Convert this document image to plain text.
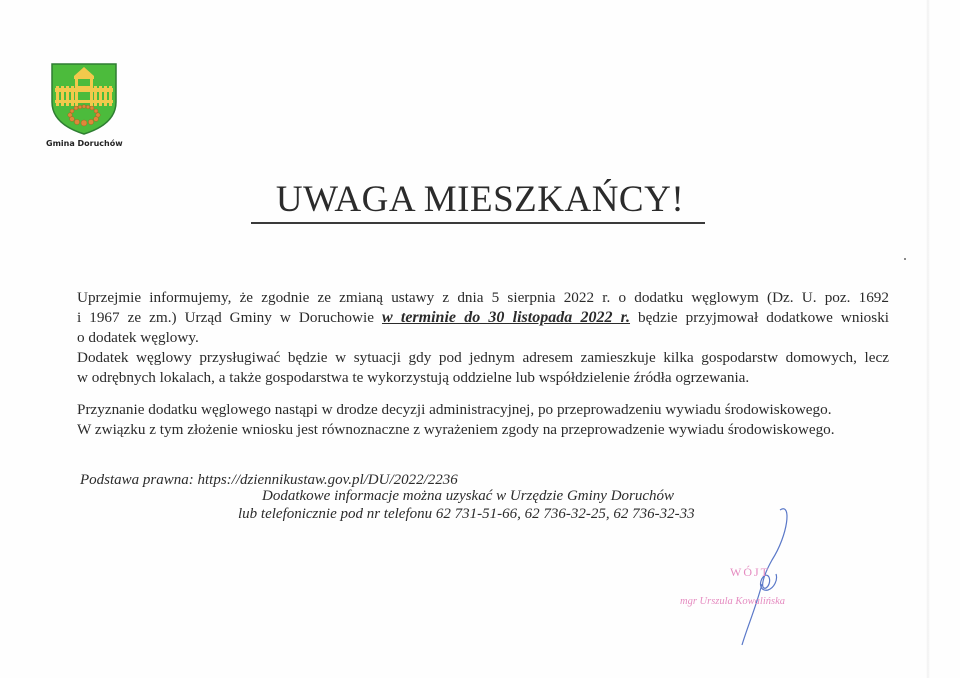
Gmina Doruchów
UWAGA MIESZKAŃCY!
Uprzejmie informujemy, że zgodnie ze zmianą ustawy z dnia 5 sierpnia 2022 r. o dodatku węglowym (Dz. U. poz. 1692
i 1967 ze zm.) Urząd Gminy w Doruchowie w terminie do 30 listopada 2022 r. będzie przyjmował dodatkowe wnioski
o dodatek węglowy.
Dodatek węglowy przysługiwać będzie w sytuacji gdy pod jednym adresem zamieszkuje kilka gospodarstw domowych, lecz
w odrębnych lokalach, a także gospodarstwa te wykorzystują oddzielne lub współdzielenie źródła ogrzewania.
Przyznanie dodatku węglowego nastąpi w drodze decyzji administracyjnej, po przeprowadzeniu wywiadu środowiskowego.
W związku z tym złożenie wniosku jest równoznaczne z wyrażeniem zgody na przeprowadzenie wywiadu środowiskowego.
Podstawa prawna: https://dziennikustaw.gov.pl/DU/2022/2236
Dodatkowe informacje można uzyskać w Urzędzie Gminy Doruchów
lub telefonicznie pod nr telefonu 62 731-51-66, 62 736-32-25, 62 736-32-33
WÓJT
mgr Urszula Kowalińska
